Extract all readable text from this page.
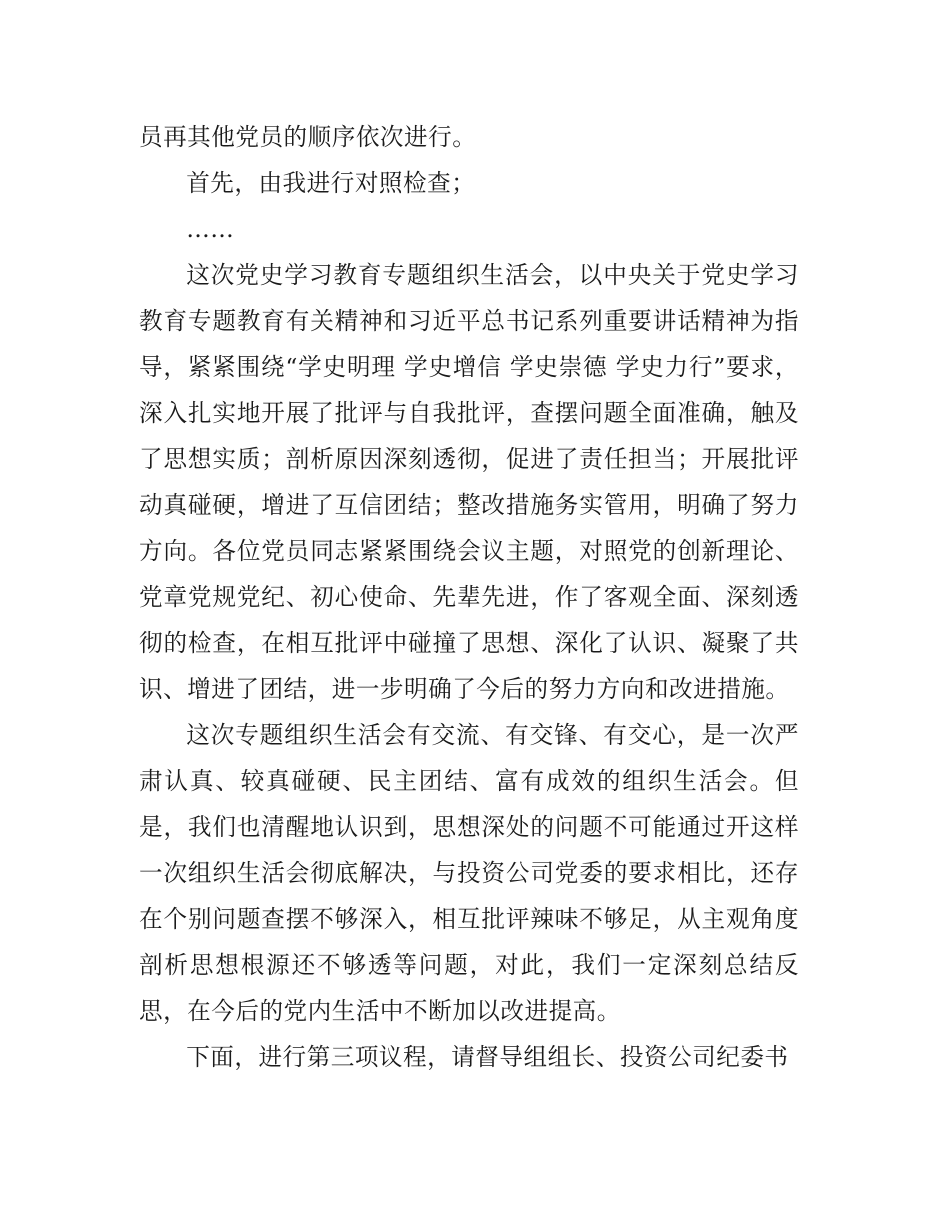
员再其他党员的顺序依次进行。

首先，由我进行对照检查；

……

这次党史学习教育专题组织生活会，以中央关于党史学习教育专题教育有关精神和习近平总书记系列重要讲话精神为指导，紧紧围绕“学史明理 学史增信 学史崇德 学史力行”要求，深入扎实地开展了批评与自我批评，查摆问题全面准确，触及了思想实质；剖析原因深刻透彻，促进了责任担当；开展批评动真碰硬，增进了互信团结；整改措施务实管用，明确了努力方向。各位党员同志紧紧围绕会议主题，对照党的创新理论、党章党规党纪、初心使命、先辈先进，作了客观全面、深刻透彻的检查，在相互批评中碰撞了思想、深化了认识、凝聚了共识、增进了团结，进一步明确了今后的努力方向和改进措施。

这次专题组织生活会有交流、有交锋、有交心，是一次严肃认真、较真碰硬、民主团结、富有成效的组织生活会。但是，我们也清醒地认识到，思想深处的问题不可能通过开这样一次组织生活会彻底解决，与投资公司党委的要求相比，还存在个别问题查摆不够深入，相互批评辣味不够足，从主观角度剖析思想根源还不够透等问题，对此，我们一定深刻总结反思，在今后的党内生活中不断加以改进提高。

下面，进行第三项议程，请督导组组长、投资公司纪委书
